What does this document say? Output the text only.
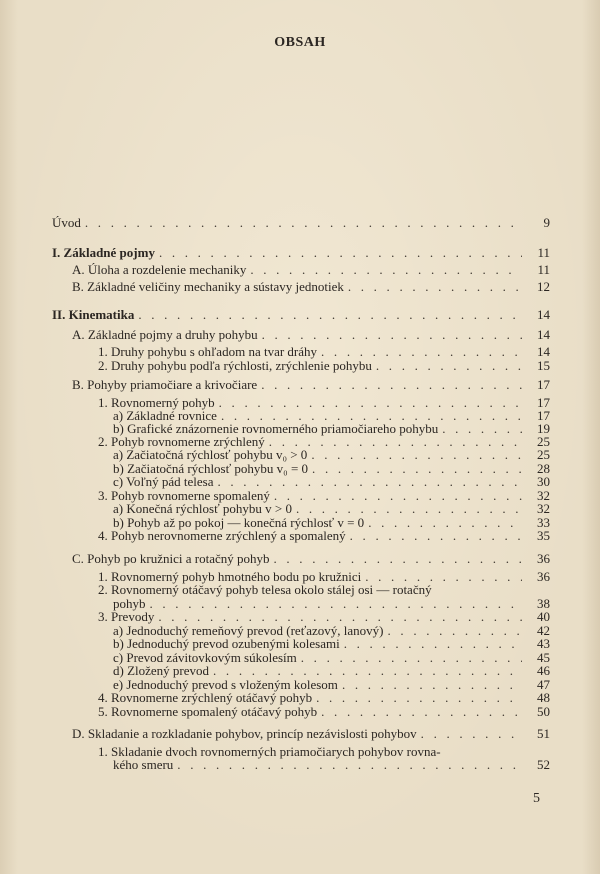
OBSAH
Úvod . . .	9
I. Základné pojmy . . .	11
A. Úloha a rozdelenie mechaniky . . .	11
B. Základné veličiny mechaniky a sústavy jednotiek . . .	12
II. Kinematika . . .	14
A. Základné pojmy a druhy pohybu . . .	14
1. Druhy pohybu s ohľadom na tvar dráhy . . .	14
2. Druhy pohybu podľa rýchlosti, zrýchlenie pohybu . . .	15
B. Pohyby priamočiare a krivočiare . . .	17
1. Rovnomerný pohyb . . .	17
a) Základné rovnice . . .	17
b) Grafické znázornenie rovnomerného priamočiareho pohybu . . .	19
2. Pohyb rovnomerne zrýchlený . . .	25
a) Začiatočná rýchlosť pohybu v₀ > 0 . . .	25
b) Začiatočná rýchlosť pohybu v₀ = 0 . . .	28
c) Voľný pád telesa . . .	30
3. Pohyb rovnomerne spomalený . . .	32
a) Konečná rýchlosť pohybu v > 0 . . .	32
b) Pohyb až po pokoj — konečná rýchlosť v = 0 . . .	33
4. Pohyb nerovnomerne zrýchlený a spomalený . . .	35
C. Pohyb po kružnici a rotačný pohyb . . .	36
1. Rovnomerný pohyb hmotného bodu po kružnici . . .	36
2. Rovnomerný otáčavý pohyb telesa okolo stálej osi — rotačný
pohyb . . .	38
3. Prevody . . .	40
a) Jednoduchý remeňový prevod (reťazový, lanový) . . .	42
b) Jednoduchý prevod ozubenými kolesami . . .	43
c) Prevod závitovkovým súkolesím . . .	45
d) Zložený prevod . . .	46
e) Jednoduchý prevod s vloženým kolesom . . .	47
4. Rovnomerne zrýchlený otáčavý pohyb . . .	48
5. Rovnomerne spomalený otáčavý pohyb . . .	50
D. Skladanie a rozkladanie pohybov, princíp nezávislosti pohybov . . .	51
1. Skladanie dvoch rovnomerných priamočiarych pohybov rovna-
kého smeru . . .	52
5
